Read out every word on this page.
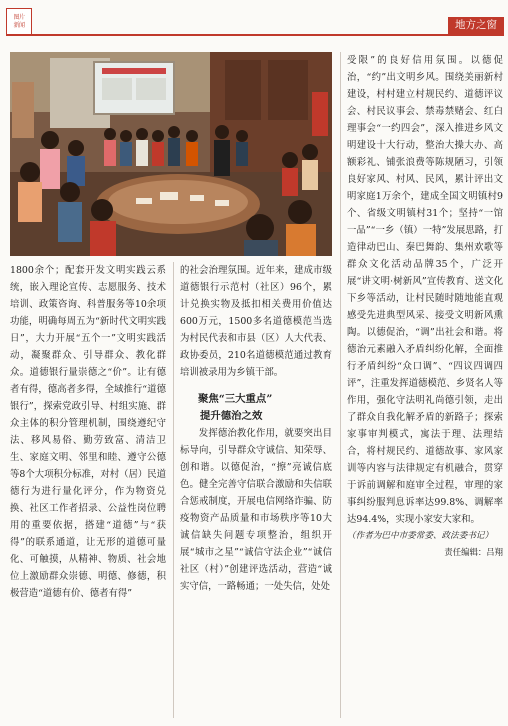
图片
新闻	地方之窗

1800余个；配套开发文明实践云系统，嵌入理论宣传、志愿服务、技术培训、政策咨询、科普服务等10余项功能，明确每周五为“新时代文明实践日”，大力开展“五个一”文明实践活动，凝聚群众、引导群众、教化群众。道德银行量崇德之“价”。让有德者有得，德高者多得，全域推行“道德银行”，探索党政引导、村组实施、群众主体的积分管理机制，围绕遵纪守法、移风易俗、勤劳致富、清洁卫生、家庭文明、邻里和睦、遵守公德等8个大项积分标准，对村（居）民道德行为进行量化评分，作为物资兑换、社区工作者招录、公益性岗位聘用的重要依据，搭建“道德”与“获得”的联系通道，让无形的道德可量化、可触摸，从精神、物质、社会地位上激励群众崇德、明德、修德，积极营造“道德有价、德者有得”

的社会治理氛围。近年来，建成市级道德银行示范村（社区）96个，累计兑换实物及抵扣相关费用价值达600万元，1500多名道德模范当选为村民代表和市县（区）人大代表、政协委员，210名道德模范通过教育培训被录用为乡镇干部。

聚焦“三大重点”

提升德治之效

发挥德治教化作用，就要突出目标导向，引导群众守诚信、知荣辱、创和谐。以德促治，“擦”亮诚信底色。健全完善守信联合激励和失信联合惩戒制度，开展电信网络诈骗、防疫物资产品质量和市场秩序等10大诚信缺失问题专项整治，组织开展“城市之星”“诚信守法企业”“诚信社区（村）”创建评选活动，营造“诚实守信，一路畅通；一处失信，处处

受限”的良好信用氛围。以德促治，“约”出文明乡风。围绕美丽新村建设，村村建立村规民约、道德评议会、村民议事会、禁毒禁赌会、红白理事会“一约四会”，深入推进乡风文明建设十大行动，整治大操大办、高额彩礼、铺张浪费等陈规陋习，引领良好家风、村风、民风，累计评出文明家庭1万余个，建成全国文明镇村9个、省级文明镇村31个；坚持“一馆一品”“一乡（镇）一特”发展思路，打造律动巴山、秦巴舞韵、集州欢歌等群众文化活动品牌35个，广泛开展“讲文明·树新风”宣传教育、送文化下乡等活动，让村民随时随地能直观感受先进典型风采、接受文明新风熏陶。以德促治，“调”出社会和谐。将德治元素融入矛盾纠纷化解，全面推行矛盾纠纷“众口调”、“四议四调四评”，注重发挥道德模范、乡贤名人等作用，强化守法明礼尚德引领，走出了群众自我化解矛盾的新路子；探索家事审判模式，寓法于理、法理结合，将村规民约、道德故事、家风家训等内容与法律规定有机融合，贯穿于诉前调解和庭审全过程，审理的家事纠纷服判息诉率达99.8%、调解率达94.4%，实现小家安大家和。

（作者为巴中市委常委、政法委书记）

责任编辑：吕翔
